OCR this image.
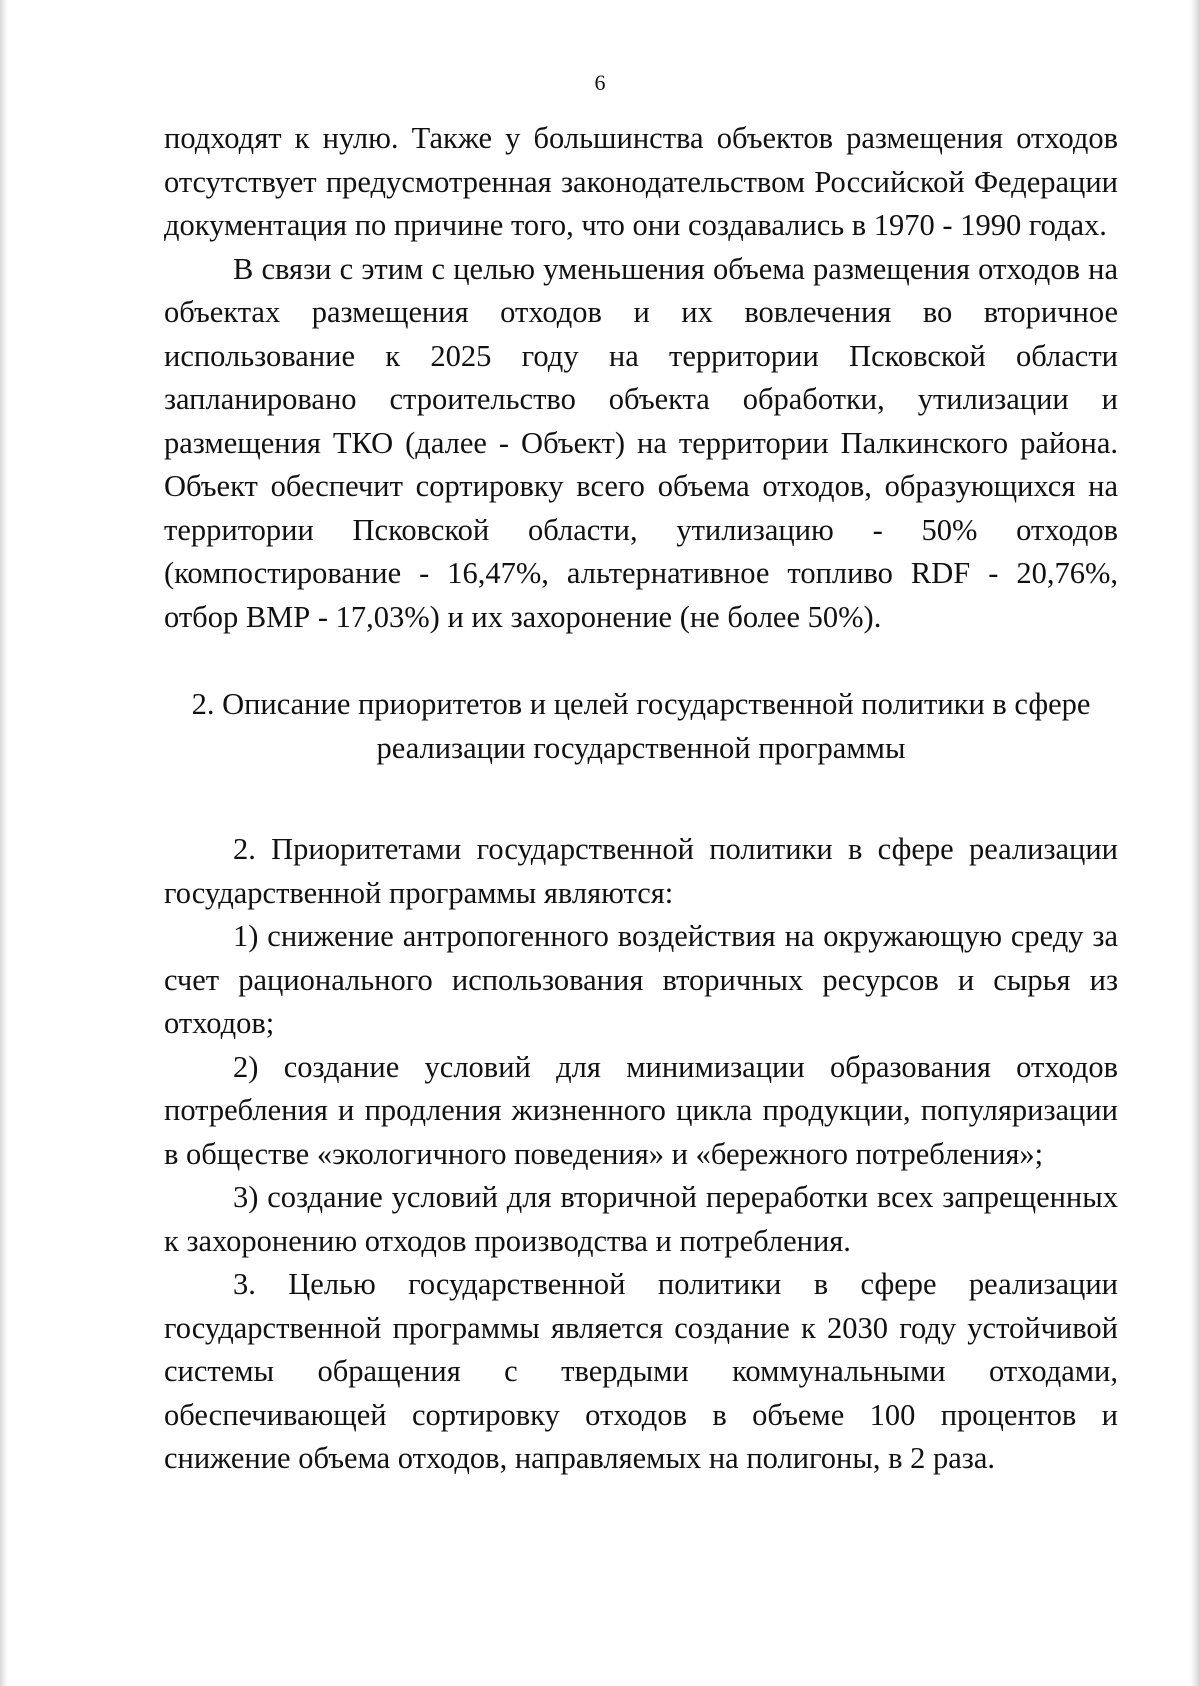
6

подходят к нулю. Также у большинства объектов размещения отходов отсутствует предусмотренная законодательством Российской Федерации документация по причине того, что они создавались в 1970 - 1990 годах.

В связи с этим с целью уменьшения объема размещения отходов на объектах размещения отходов и их вовлечения во вторичное использование к 2025 году на территории Псковской области запланировано строительство объекта обработки, утилизации и размещения ТКО (далее - Объект) на территории Палкинского района. Объект обеспечит сортировку всего объема отходов, образующихся на территории Псковской области, утилизацию - 50% отходов (компостирование - 16,47%, альтернативное топливо RDF - 20,76%, отбор ВМР - 17,03%) и их захоронение (не более 50%).

2. Описание приоритетов и целей государственной политики в сфере
реализации государственной программы

2. Приоритетами государственной политики в сфере реализации государственной программы являются:

1) снижение антропогенного воздействия на окружающую среду за счет рационального использования вторичных ресурсов и сырья из отходов;

2) создание условий для минимизации образования отходов потребления и продления жизненного цикла продукции, популяризации в обществе «экологичного поведения» и «бережного потребления»;

3) создание условий для вторичной переработки всех запрещенных к захоронению отходов производства и потребления.

3. Целью государственной политики в сфере реализации государственной программы является создание к 2030 году устойчивой системы обращения с твердыми коммунальными отходами, обеспечивающей сортировку отходов в объеме 100 процентов и снижение объема отходов, направляемых на полигоны, в 2 раза.
